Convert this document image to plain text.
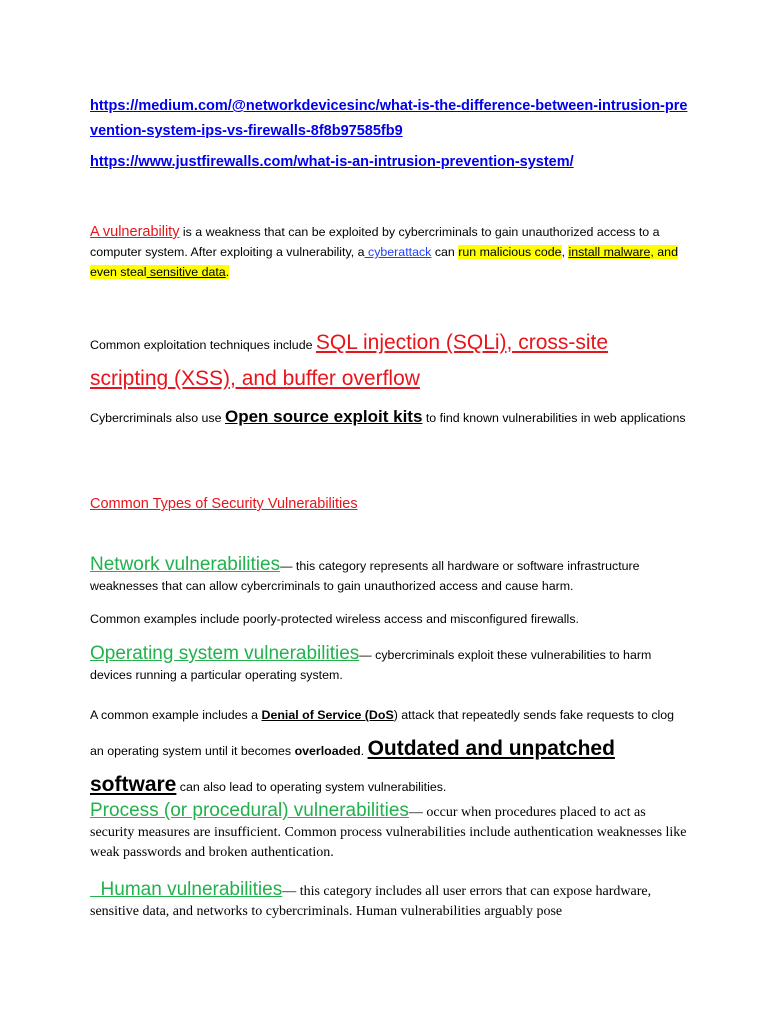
https://medium.com/@networkdevicesinc/what-is-the-difference-between-intrusion-prevention-system-ips-vs-firewalls-8f8b97585fb9
https://www.justfirewalls.com/what-is-an-intrusion-prevention-system/
A vulnerability is a weakness that can be exploited by cybercriminals to gain unauthorized access to a computer system. After exploiting a vulnerability, a cyberattack can run malicious code, install malware, and even steal sensitive data.
Common exploitation techniques include SQL injection (SQLi), cross-site scripting (XSS), and buffer overflow
Cybercriminals also use Open source exploit kits to find known vulnerabilities in web applications
Common Types of Security Vulnerabilities
Network vulnerabilities— this category represents all hardware or software infrastructure weaknesses that can allow cybercriminals to gain unauthorized access and cause harm.
Common examples include poorly-protected wireless access and misconfigured firewalls.
Operating system vulnerabilities— cybercriminals exploit these vulnerabilities to harm devices running a particular operating system.
A common example includes a Denial of Service (DoS) attack that repeatedly sends fake requests to clog an operating system until it becomes overloaded. Outdated and unpatched software can also lead to operating system vulnerabilities.
Process (or procedural) vulnerabilities— occur when procedures placed to act as security measures are insufficient. Common process vulnerabilities include authentication weaknesses like weak passwords and broken authentication.
Human vulnerabilities— this category includes all user errors that can expose hardware, sensitive data, and networks to cybercriminals. Human vulnerabilities arguably pose
